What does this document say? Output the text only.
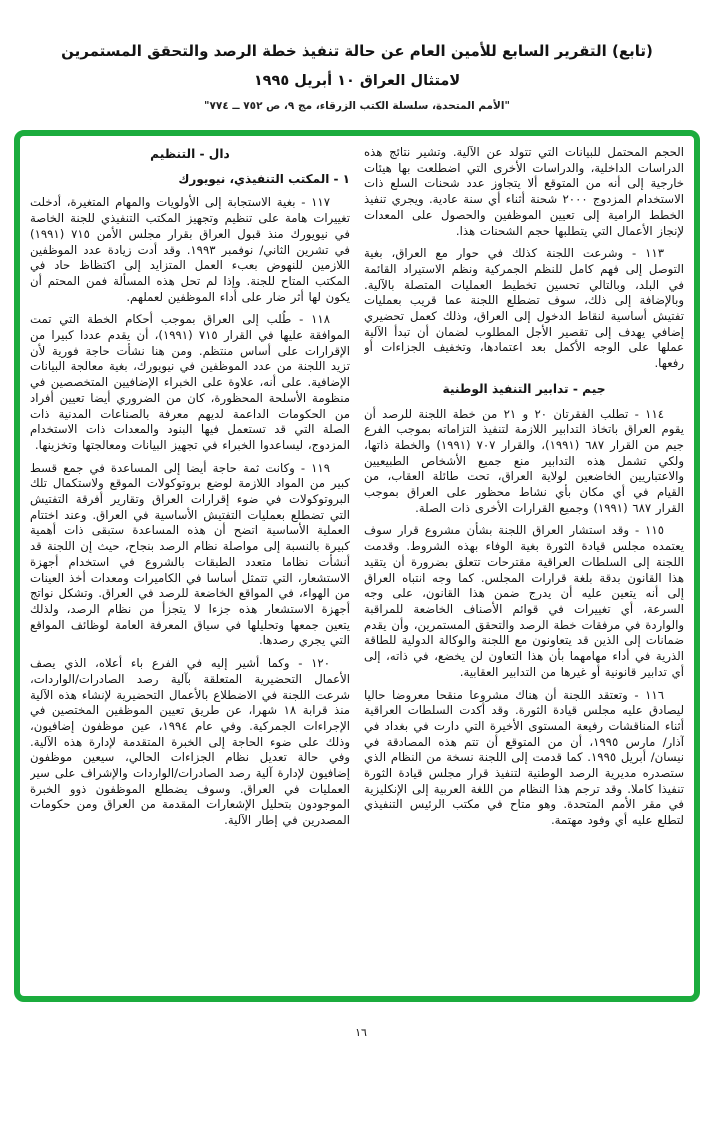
(تابع) التقرير السابع للأمين العام عن حالة تنفيذ خطة الرصد والتحقق المستمرين
لامتثال العراق ١٠ أبريل ١٩٩٥
"الأمم المتحدة، سلسلة الكتب الزرقاء، مج ٩، ص ٧٥٢ ــ ٧٧٤"

الحجم المحتمل للبيانات التي تتولد عن الآلية. وتشير نتائج هذه الدراسات الداخلية، والدراسات الأخرى التي اضطلعت بها هيئات خارجية إلى أنه من المتوقع ألا يتجاوز عدد شحنات السلع ذات الاستخدام المزدوج ٢٠٠٠ شحنة أثناء أي سنة عادية. ويجري تنفيذ الخطط الرامية إلى تعيين الموظفين والحصول على المعدات لإنجاز الأعمال التي يتطلبها حجم الشحنات هذا.

١١٣ - وشرعت اللجنة كذلك في حوار مع العراق، بغية التوصل إلى فهم كامل للنظم الجمركية ونظم الاستيراد القائمة في البلد، وبالتالي تحسين تخطيط العمليات المتصلة بالآلية. وبالإضافة إلى ذلك، سوف تضطلع اللجنة عما قريب بعمليات تفتيش أساسية لنقاط الدخول إلى العراق، وذلك كعمل تحضيري إضافي يهدف إلى تقصير الأجل المطلوب لضمان أن تبدأ الآلية عملها على الوجه الأكمل بعد اعتمادها، وتخفيف الجزاءات أو رفعها.

جيم - تدابير التنفيذ الوطنية

١١٤ - تطلب الفقرتان ٢٠ و ٢١ من خطة اللجنة للرصد أن يقوم العراق باتخاذ التدابير اللازمة لتنفيذ التزاماته بموجب الفرع جيم من القرار ٦٨٧ (١٩٩١)، والقرار ٧٠٧ (١٩٩١) والخطة ذاتها، ولكي تشمل هذه التدابير منع جميع الأشخاص الطبيعيين والاعتباريين الخاضعين لولاية العراق، تحت طائلة العقاب، من القيام في أي مكان بأي نشاط محظور على العراق بموجب القرار ٦٨٧ (١٩٩١) وجميع القرارات الأخرى ذات الصلة.

١١٥ - وقد استشار العراق اللجنة بشأن مشروع قرار سوف يعتمده مجلس قيادة الثورة بغية الوفاء بهذه الشروط. وقدمت اللجنة إلى السلطات العراقية مقترحات تتعلق بضرورة أن يتقيد هذا القانون بدقة بلغة قرارات المجلس. كما وجه انتباه العراق إلى أنه يتعين عليه أن يدرج ضمن هذا القانون، على وجه السرعة، أي تغييرات في قوائم الأصناف الخاضعة للمراقبة والواردة في مرفقات خطة الرصد والتحقق المستمرين، وأن يقدم ضمانات إلى الذين قد يتعاونون مع اللجنة والوكالة الدولية للطاقة الذرية في أداء مهامهما بأن هذا التعاون لن يخضع، في ذاته، إلى أي تدابير قانونية أو غيرها من التدابير العقابية.

١١٦ - وتعتقد اللجنة أن هناك مشروعا منقحا معروضا حاليا ليصادق عليه مجلس قيادة الثورة. وقد أكدت السلطات العراقية أثناء المناقشات رفيعة المستوى الأخيرة التي دارت في بغداد في آذار/ مارس ١٩٩٥، أن من المتوقع أن تتم هذه المصادقة في نيسان/ أبريل ١٩٩٥. كما قدمت إلى اللجنة نسخة من النظام الذي ستصدره مديرية الرصد الوطنية لتنفيذ قرار مجلس قيادة الثورة تنفيذا كاملا. وقد ترجم هذا النظام من اللغة العربية إلى الإنكليزية في مقر الأمم المتحدة. وهو متاح في مكتب الرئيس التنفيذي لتطلع عليه أي وفود مهتمة.

دال - التنظيم
١ - المكتب التنفيذي، نيويورك

١١٧ - بغية الاستجابة إلى الأولويات والمهام المتغيرة، أدخلت تغييرات هامة على تنظيم وتجهيز المكتب التنفيذي للجنة الخاصة في نيويورك منذ قبول العراق بقرار مجلس الأمن ٧١٥ (١٩٩١) في تشرين الثاني/ نوفمبر ١٩٩٣. وقد أدت زيادة عدد الموظفين اللازمين للنهوض بعبء العمل المتزايد إلى اكتظاظ حاد في المكتب المتاح للجنة. وإذا لم تحل هذه المسألة فمن المحتم أن يكون لها أثر ضار على أداء الموظفين لعملهم.

١١٨ - طُلب إلى العراق بموجب أحكام الخطة التي تمت الموافقة عليها في القرار ٧١٥ (١٩٩١)، أن يقدم عددا كبيرا من الإقرارات على أساس منتظم. ومن هنا نشأت حاجة فورية لأن تزيد اللجنة من عدد الموظفين في نيويورك، بغية معالجة البيانات الإضافية. على أنه، علاوة على الخبراء الإضافيين المتخصصين في منظومة الأسلحة المحظورة، كان من الضروري أيضا تعيين أفراد من الحكومات الداعمة لديهم معرفة بالصناعات المدنية ذات الصلة التي قد تستعمل فيها البنود والمعدات ذات الاستخدام المزدوج، ليساعدوا الخبراء في تجهيز البيانات ومعالجتها وتخزينها.

١١٩ - وكانت ثمة حاجة أيضا إلى المساعدة في جمع قسط كبير من المواد اللازمة لوضع بروتوكولات الموقع ولاستكمال تلك البروتوكولات في ضوء إقرارات العراق وتقارير أفرقة التفتيش التي تضطلع بعمليات التفتيش الأساسية في العراق. وعند اختتام العملية الأساسية اتضح أن هذه المساعدة ستبقى ذات أهمية كبيرة بالنسبة إلى مواصلة نظام الرصد بنجاح، حيث إن اللجنة قد أنشأت نظاما متعدد الطبقات بالشروع في استخدام أجهزة الاستشعار، التي تتمثل أساسا في الكاميرات ومعدات أخذ العينات من الهواء، في المواقع الخاضعة للرصد في العراق. وتشكل نواتج أجهزة الاستشعار هذه جزءا لا يتجزأ من نظام الرصد، ولذلك يتعين جمعها وتحليلها في سياق المعرفة العامة لوظائف المواقع التي يجري رصدها.

١٢٠ - وكما أشير إليه في الفرع باء أعلاه، الذي يصف الأعمال التحضيرية المتعلقة بآلية رصد الصادرات/الواردات، شرعت اللجنة في الاضطلاع بالأعمال التحضيرية لإنشاء هذه الآلية منذ قرابة ١٨ شهرا، عن طريق تعيين الموظفين المختصين في الإجراءات الجمركية. وفي عام ١٩٩٤، عين موظفون إضافيون، وذلك على ضوء الحاجة إلى الخبرة المتقدمة لإدارة هذه الآلية. وفي حالة تعديل نظام الجزاءات الحالي، سيعين موظفون إضافيون لإدارة آلية رصد الصادرات/الواردات والإشراف على سير العمليات في العراق. وسوف يضطلع الموظفون ذوو الخبرة الموجودون بتحليل الإشعارات المقدمة من العراق ومن حكومات المصدرين في إطار الآلية.

١٦
